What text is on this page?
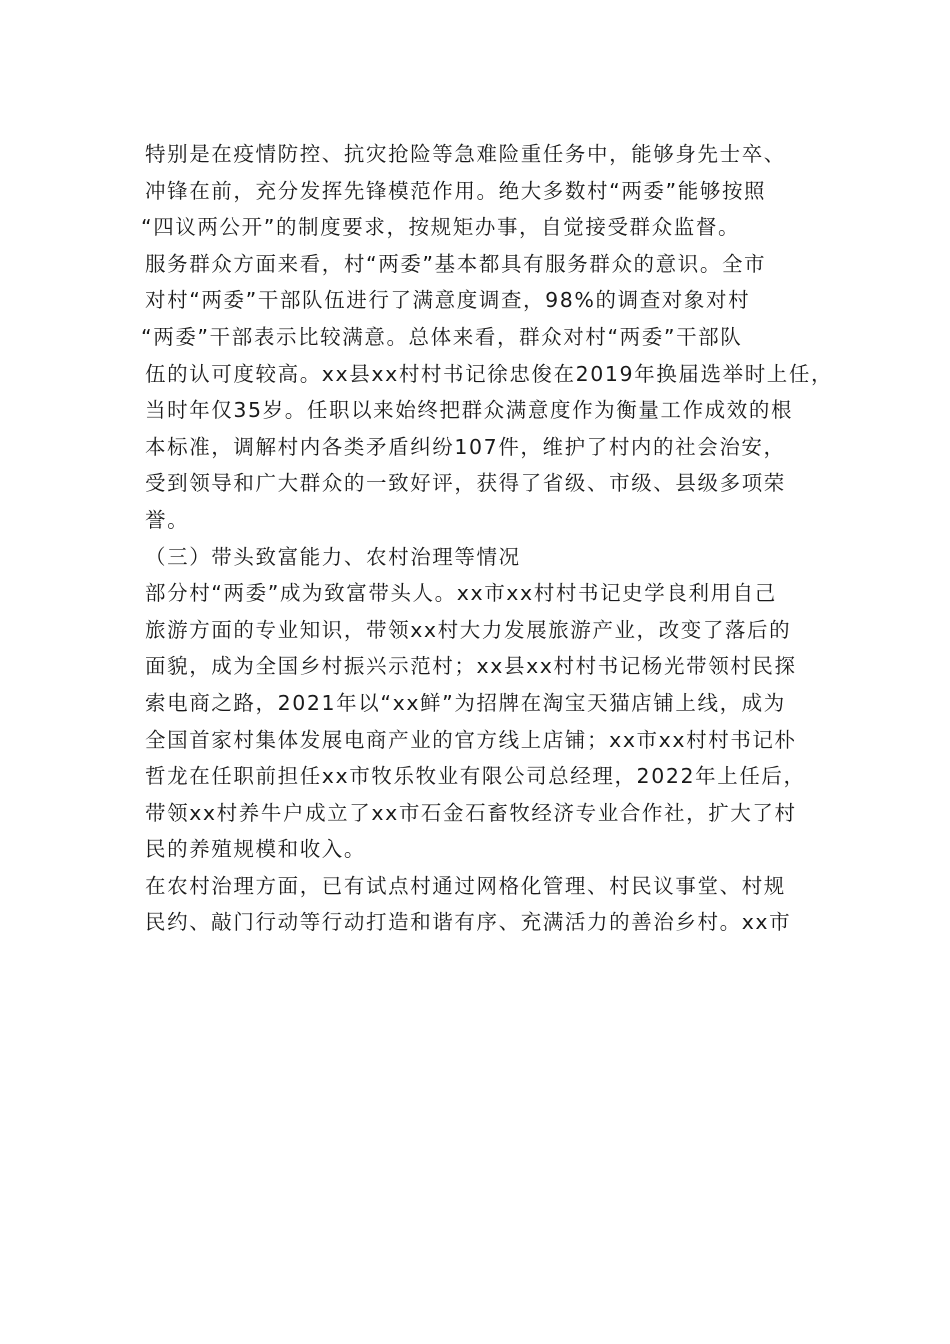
特别是在疫情防控、抗灾抢险等急难险重任务中，能够身先士卒、
冲锋在前，充分发挥先锋模范作用。绝大多数村“两委”能够按照
“四议两公开”的制度要求，按规矩办事，自觉接受群众监督。
服务群众方面来看，村“两委”基本都具有服务群众的意识。全市
对村“两委”干部队伍进行了满意度调查，98%的调查对象对村
“两委”干部表示比较满意。总体来看，群众对村“两委”干部队
伍的认可度较高。xx县xx村村书记徐忠俊在2019年换届选举时上任，
当时年仅35岁。任职以来始终把群众满意度作为衡量工作成效的根
本标准，调解村内各类矛盾纠纷107件，维护了村内的社会治安，
受到领导和广大群众的一致好评，获得了省级、市级、县级多项荣
誉。
（三）带头致富能力、农村治理等情况
部分村“两委”成为致富带头人。xx市xx村村书记史学良利用自己
旅游方面的专业知识，带领xx村大力发展旅游产业，改变了落后的
面貌，成为全国乡村振兴示范村；xx县xx村村书记杨光带领村民探
索电商之路，2021年以“xx鲜”为招牌在淘宝天猫店铺上线，成为
全国首家村集体发展电商产业的官方线上店铺；xx市xx村村书记朴
哲龙在任职前担任xx市牧乐牧业有限公司总经理，2022年上任后，
带领xx村养牛户成立了xx市石金石畜牧经济专业合作社，扩大了村
民的养殖规模和收入。
在农村治理方面，已有试点村通过网格化管理、村民议事堂、村规
民约、敲门行动等行动打造和谐有序、充满活力的善治乡村。xx市
